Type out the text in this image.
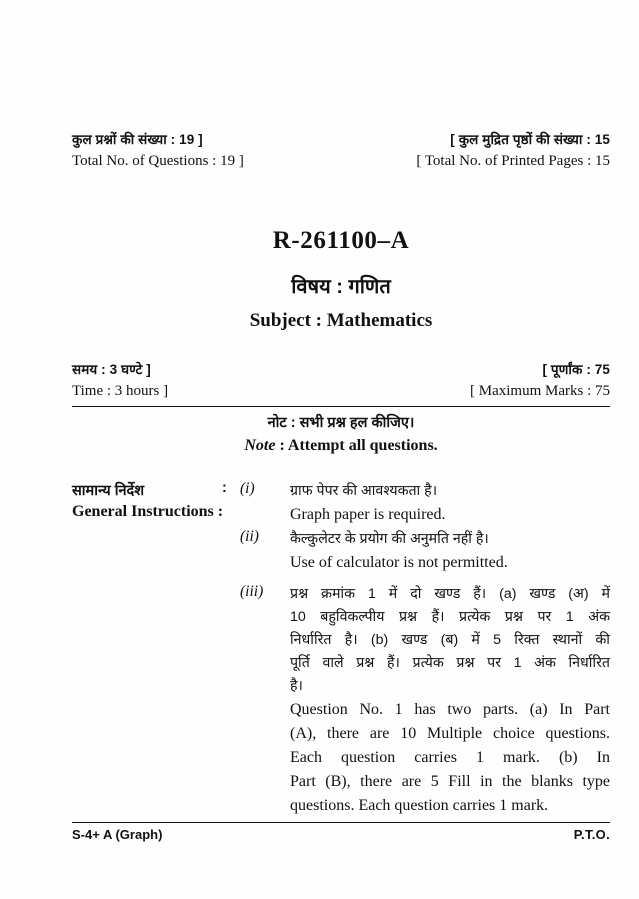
कुल प्रश्नों की संख्या : 19 ]	[ कुल मुद्रित पृष्ठों की संख्या : 15
Total No. of Questions : 19 ]	[ Total No. of Printed Pages : 15
R-261100–A
विषय : गणित
Subject : Mathematics
समय : 3 घण्टे ]	[ पूर्णांक : 75
Time : 3 hours ]	[ Maximum Marks : 75
नोट : सभी प्रश्न हल कीजिए।
Note : Attempt all questions.
सामान्य निर्देश	:
General Instructions :
(i)	ग्राफ पेपर की आवश्यकता है।
Graph paper is required.
(ii)	कैल्कुलेटर के प्रयोग की अनुमति नहीं है।
Use of calculator is not permitted.
(iii)	प्रश्न क्रमांक 1 में दो खण्ड हैं। (a) खण्ड (अ) में
10 बहुविकल्पीय प्रश्न हैं। प्रत्येक प्रश्न पर 1 अंक
निर्धारित है। (b) खण्ड (ब) में 5 रिक्त स्थानों की
पूर्ति वाले प्रश्न हैं। प्रत्येक प्रश्न पर 1 अंक निर्धारित
है।
Question No. 1 has two parts. (a) In Part
(A), there are 10 Multiple choice questions.
Each question carries 1 mark. (b) In
Part (B), there are 5 Fill in the blanks type
questions. Each question carries 1 mark.
S-4+ A (Graph)	P.T.O.
